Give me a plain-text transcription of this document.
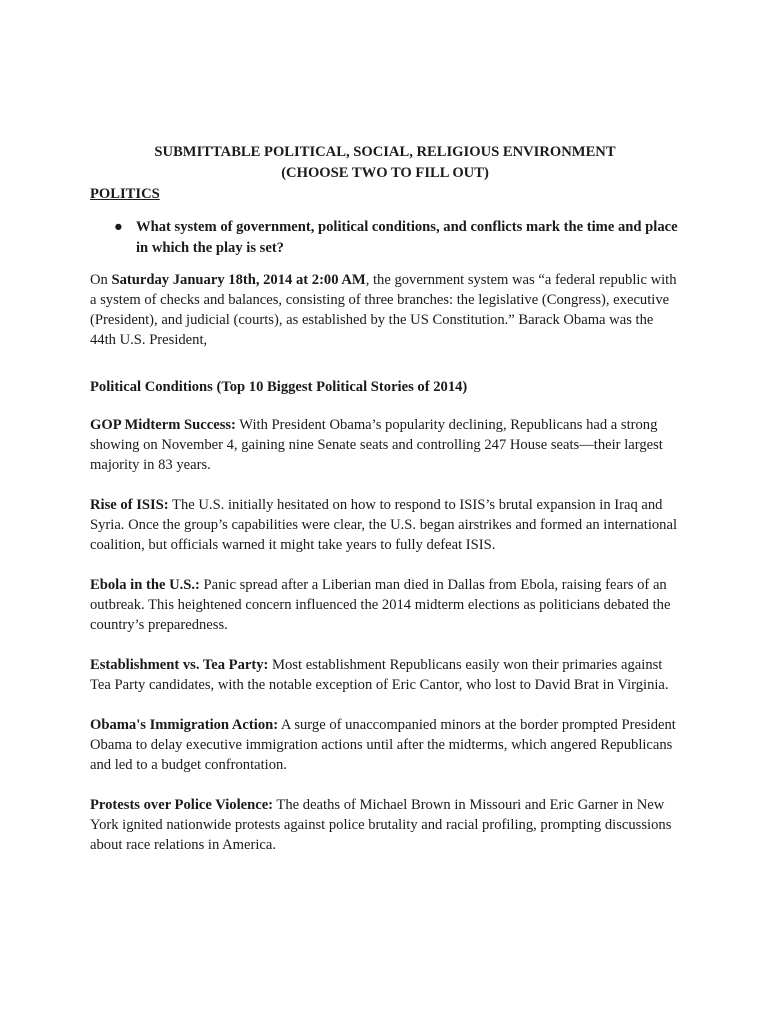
SUBMITTABLE POLITICAL, SOCIAL, RELIGIOUS ENVIRONMENT
(CHOOSE TWO TO FILL OUT)
POLITICS
● What system of government, political conditions, and conflicts mark the time and place in which the play is set?

On Saturday January 18th, 2014 at 2:00 AM, the government system was “a federal republic with a system of checks and balances, consisting of three branches: the legislative (Congress), executive (President), and judicial (courts), as established by the US Constitution.” Barack Obama was the 44th U.S. President,

Political Conditions (Top 10 Biggest Political Stories of 2014)

GOP Midterm Success: With President Obama’s popularity declining, Republicans had a strong showing on November 4, gaining nine Senate seats and controlling 247 House seats—their largest majority in 83 years.

Rise of ISIS: The U.S. initially hesitated on how to respond to ISIS’s brutal expansion in Iraq and Syria. Once the group’s capabilities were clear, the U.S. began airstrikes and formed an international coalition, but officials warned it might take years to fully defeat ISIS.

Ebola in the U.S.: Panic spread after a Liberian man died in Dallas from Ebola, raising fears of an outbreak. This heightened concern influenced the 2014 midterm elections as politicians debated the country’s preparedness.

Establishment vs. Tea Party: Most establishment Republicans easily won their primaries against Tea Party candidates, with the notable exception of Eric Cantor, who lost to David Brat in Virginia.

Obama's Immigration Action: A surge of unaccompanied minors at the border prompted President Obama to delay executive immigration actions until after the midterms, which angered Republicans and led to a budget confrontation.

Protests over Police Violence: The deaths of Michael Brown in Missouri and Eric Garner in New York ignited nationwide protests against police brutality and racial profiling, prompting discussions about race relations in America.
